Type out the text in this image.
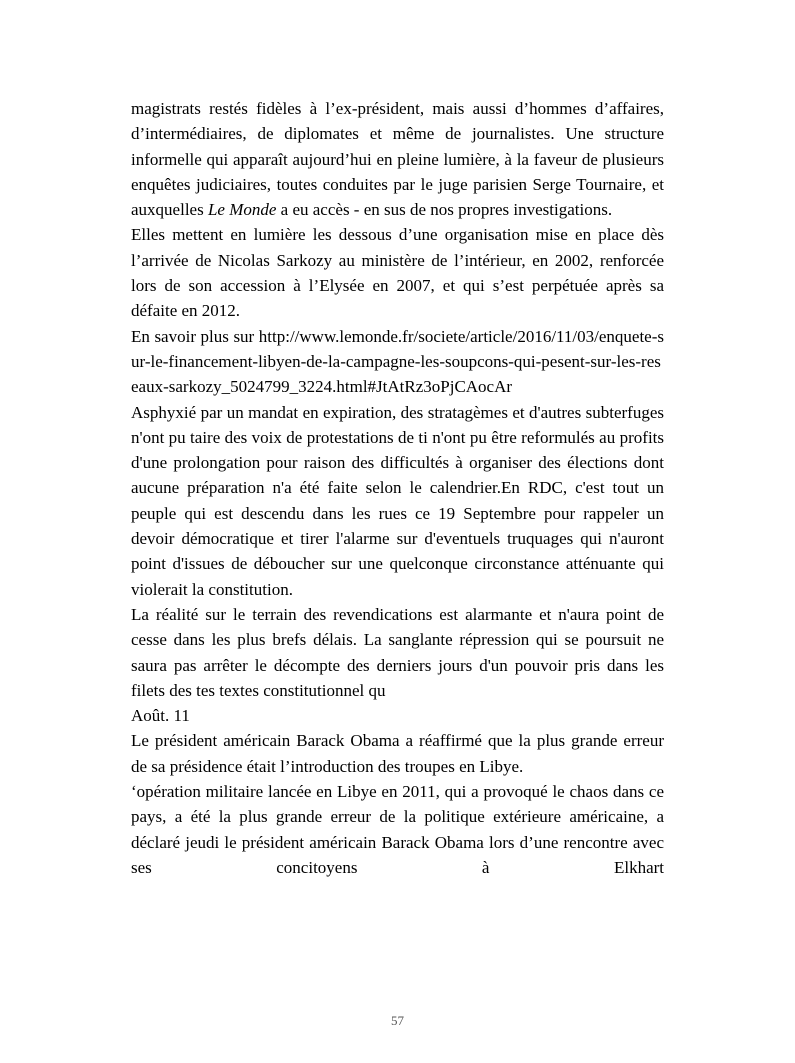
magistrats restés fidèles à l’ex-président, mais aussi d’hommes d’affaires, d’intermédiaires, de diplomates et même de journalistes. Une structure informelle qui apparaît aujourd’hui en pleine lumière, à la faveur de plusieurs enquêtes judiciaires, toutes conduites par le juge parisien Serge Tournaire, et auxquelles Le Monde a eu accès - en sus de nos propres investigations.

Elles mettent en lumière les dessous d’une organisation mise en place dès l’arrivée de Nicolas Sarkozy au ministère de l’intérieur, en 2002, renforcée lors de son accession à l’Elysée en 2007, et qui s’est perpétuée après sa défaite en 2012.

En savoir plus sur http://www.lemonde.fr/societe/article/2016/11/03/enquete-sur-le-financement-libyen-de-la-campagne-les-soupcons-qui-pesent-sur-les-reseaux-sarkozy_5024799_3224.html#JtAtRz3oPjCAocAr

Asphyxié par un mandat en expiration, des stratagèmes et d'autres subterfuges n'ont pu taire des voix de protestations de ti n'ont pu être reformulés au profits d'une prolongation pour raison des difficultés à organiser des élections dont aucune préparation n'a été faite selon le calendrier.En RDC, c'est tout un peuple qui est descendu dans les rues ce 19 Septembre pour rappeler un devoir démocratique et tirer l'alarme sur d'eventuels truquages qui n'auront point d'issues de déboucher sur une quelconque circonstance atténuante qui violerait la constitution.

La réalité sur le terrain des revendications est alarmante et n'aura point de cesse dans les plus brefs délais. La sanglante répression qui se poursuit ne saura pas arrêter le décompte des derniers jours d'un pouvoir pris dans les filets des tes textes constitutionnel qu

Août. 11

Le président américain Barack Obama a réaffirmé que la plus grande erreur de sa présidence était l’introduction des troupes en Libye.

‘opération militaire lancée en Libye en 2011, qui a provoqué le chaos dans ce pays, a été la plus grande erreur de la politique extérieure américaine, a déclaré jeudi le président américain Barack Obama lors d’une rencontre avec ses concitoyens à Elkhart

57
